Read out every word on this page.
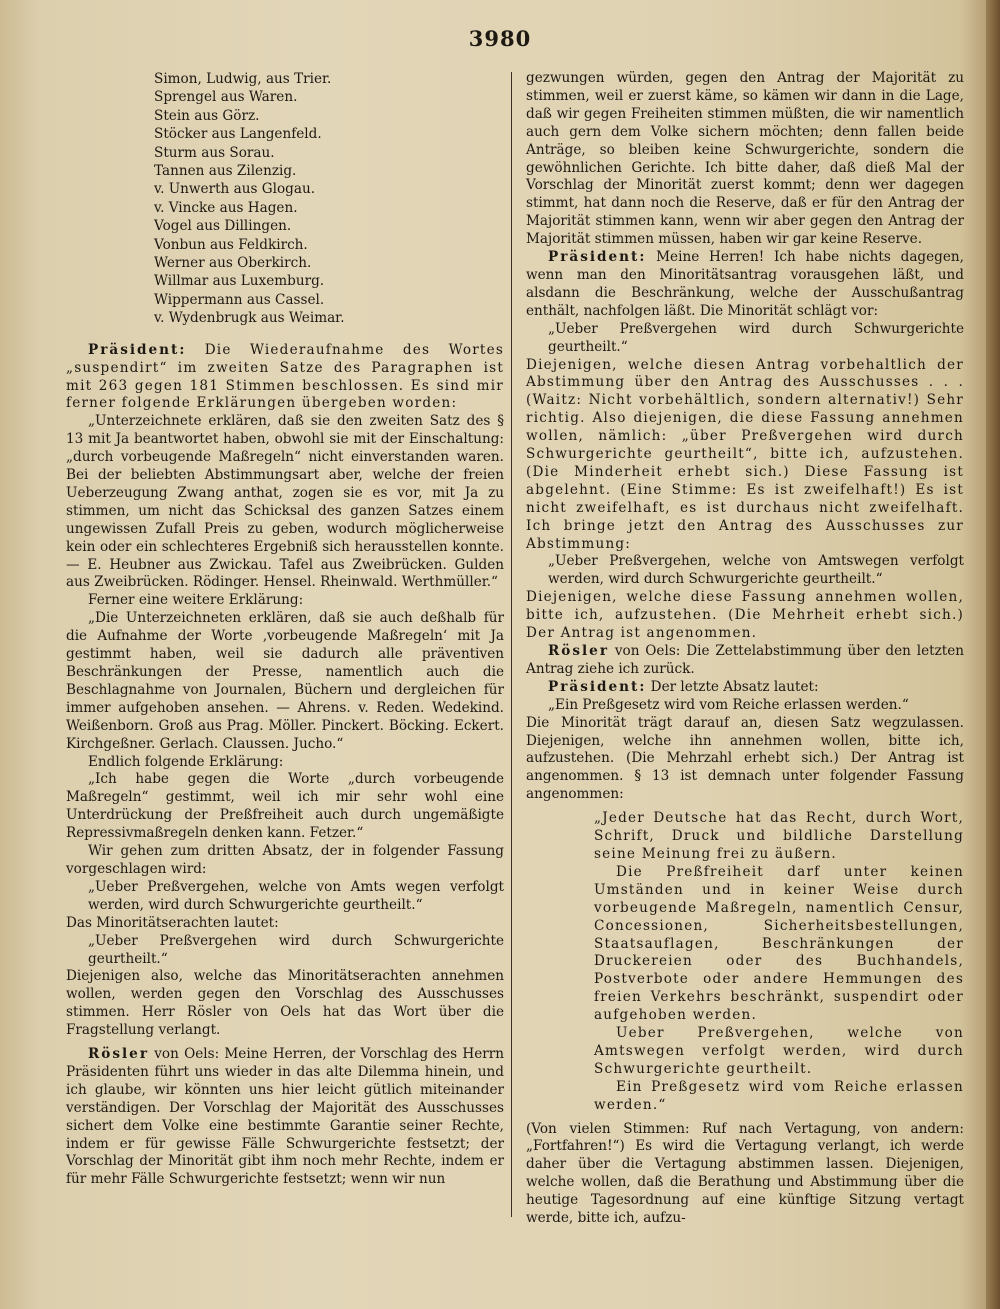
3980
Simon, Ludwig, aus Trier.
Sprengel aus Waren.
Stein aus Görz.
Stöcker aus Langenfeld.
Sturm aus Sorau.
Tannen aus Zilenzig.
v. Unwerth aus Glogau.
v. Vincke aus Hagen.
Vogel aus Dillingen.
Vonbun aus Feldkirch.
Werner aus Oberkirch.
Willmar aus Luxemburg.
Wippermann aus Cassel.
v. Wydenbrugk aus Weimar.

Präsident: Die Wiederaufnahme des Wortes „suspendirt“ im zweiten Satze des Paragraphen ist mit 263 gegen 181 Stimmen beschlossen. Es sind mir ferner folgende Erklärungen übergeben worden:

„Unterzeichnete erklären, daß sie den zweiten Satz des § 13 mit Ja beantwortet haben, obwohl sie mit der Einschaltung: „durch vorbeugende Maßregeln“ nicht einverstanden waren. Bei der beliebten Abstimmungsart aber, welche der freien Ueberzeugung Zwang anthat, zogen sie es vor, mit Ja zu stimmen, um nicht das Schicksal des ganzen Satzes einem ungewissen Zufall Preis zu geben, wodurch möglicherweise kein oder ein schlechteres Ergebniß sich herausstellen konnte. — E. Heubner aus Zwickau. Tafel aus Zweibrücken. Gulden aus Zweibrücken. Rödinger. Hensel. Rheinwald. Werthmüller.“

Ferner eine weitere Erklärung:

„Die Unterzeichneten erklären, daß sie auch deßhalb für die Aufnahme der Worte ‚vorbeugende Maßregeln‘ mit Ja gestimmt haben, weil sie dadurch alle präventiven Beschränkungen der Presse, namentlich auch die Beschlagnahme von Journalen, Büchern und dergleichen für immer aufgehoben ansehen. — Ahrens. v. Reden. Wedekind. Weißenborn. Groß aus Prag. Möller. Pinckert. Böcking. Eckert. Kirchgeßner. Gerlach. Claussen. Jucho.“

Endlich folgende Erklärung:

„Ich habe gegen die Worte „durch vorbeugende Maßregeln“ gestimmt, weil ich mir sehr wohl eine Unterdrückung der Preßfreiheit auch durch ungemäßigte Repressivmaßregeln denken kann. Fetzer.“

Wir gehen zum dritten Absatz, der in folgender Fassung vorgeschlagen wird:

„Ueber Preßvergehen, welche von Amts wegen verfolgt werden, wird durch Schwurgerichte geurtheilt.“

Das Minoritätserachten lautet:

„Ueber Preßvergehen wird durch Schwurgerichte geurtheilt.“

Diejenigen also, welche das Minoritätserachten annehmen wollen, werden gegen den Vorschlag des Ausschusses stimmen. Herr Rösler von Oels hat das Wort über die Fragstellung verlangt.

Rösler von Oels: Meine Herren, der Vorschlag des Herrn Präsidenten führt uns wieder in das alte Dilemma hinein, und ich glaube, wir könnten uns hier leicht gütlich miteinander verständigen. Der Vorschlag der Majorität des Ausschusses sichert dem Volke eine bestimmte Garantie seiner Rechte, indem er für gewisse Fälle Schwurgerichte festsetzt; der Vorschlag der Minorität gibt ihm noch mehr Rechte, indem er für mehr Fälle Schwurgerichte festsetzt; wenn wir nun

gezwungen würden, gegen den Antrag der Majorität zu stimmen, weil er zuerst käme, so kämen wir dann in die Lage, daß wir gegen Freiheiten stimmen müßten, die wir namentlich auch gern dem Volke sichern möchten; denn fallen beide Anträge, so bleiben keine Schwurgerichte, sondern die gewöhnlichen Gerichte. Ich bitte daher, daß dieß Mal der Vorschlag der Minorität zuerst kommt; denn wer dagegen stimmt, hat dann noch die Reserve, daß er für den Antrag der Majorität stimmen kann, wenn wir aber gegen den Antrag der Majorität stimmen müssen, haben wir gar keine Reserve.

Präsident: Meine Herren! Ich habe nichts dagegen, wenn man den Minoritätsantrag vorausgehen läßt, und alsdann die Beschränkung, welche der Ausschußantrag enthält, nachfolgen läßt. Die Minorität schlägt vor:

„Ueber Preßvergehen wird durch Schwurgerichte geurtheilt.“

Diejenigen, welche diesen Antrag vorbehaltlich der Abstimmung über den Antrag des Ausschusses . . . (Waitz: Nicht vorbehältlich, sondern alternativ!) Sehr richtig. Also diejenigen, die diese Fassung annehmen wollen, nämlich: „über Preßvergehen wird durch Schwurgerichte geurtheilt“, bitte ich, aufzustehen. (Die Minderheit erhebt sich.) Diese Fassung ist abgelehnt. (Eine Stimme: Es ist zweifelhaft!) Es ist nicht zweifelhaft, es ist durchaus nicht zweifelhaft. Ich bringe jetzt den Antrag des Ausschusses zur Abstimmung:

„Ueber Preßvergehen, welche von Amtswegen verfolgt werden, wird durch Schwurgerichte geurtheilt.“

Diejenigen, welche diese Fassung annehmen wollen, bitte ich, aufzustehen. (Die Mehrheit erhebt sich.) Der Antrag ist angenommen.

Rösler von Oels: Die Zettelabstimmung über den letzten Antrag ziehe ich zurück.

Präsident: Der letzte Absatz lautet:

„Ein Preßgesetz wird vom Reiche erlassen werden.“

Die Minorität trägt darauf an, diesen Satz wegzulassen. Diejenigen, welche ihn annehmen wollen, bitte ich, aufzustehen. (Die Mehrzahl erhebt sich.) Der Antrag ist angenommen. § 13 ist demnach unter folgender Fassung angenommen:

„Jeder Deutsche hat das Recht, durch Wort, Schrift, Druck und bildliche Darstellung seine Meinung frei zu äußern.

Die Preßfreiheit darf unter keinen Umständen und in keiner Weise durch vorbeugende Maßregeln, namentlich Censur, Concessionen, Sicherheitsbestellungen, Staatsauflagen, Beschränkungen der Druckereien oder des Buchhandels, Postverbote oder andere Hemmungen des freien Verkehrs beschränkt, suspendirt oder aufgehoben werden.

Ueber Preßvergehen, welche von Amtswegen verfolgt werden, wird durch Schwurgerichte geurtheilt.

Ein Preßgesetz wird vom Reiche erlassen werden.“

(Von vielen Stimmen: Ruf nach Vertagung, von andern: „Fortfahren!“) Es wird die Vertagung verlangt, ich werde daher über die Vertagung abstimmen lassen. Diejenigen, welche wollen, daß die Berathung und Abstimmung über die heutige Tagesordnung auf eine künftige Sitzung vertagt werde, bitte ich, aufzu-
